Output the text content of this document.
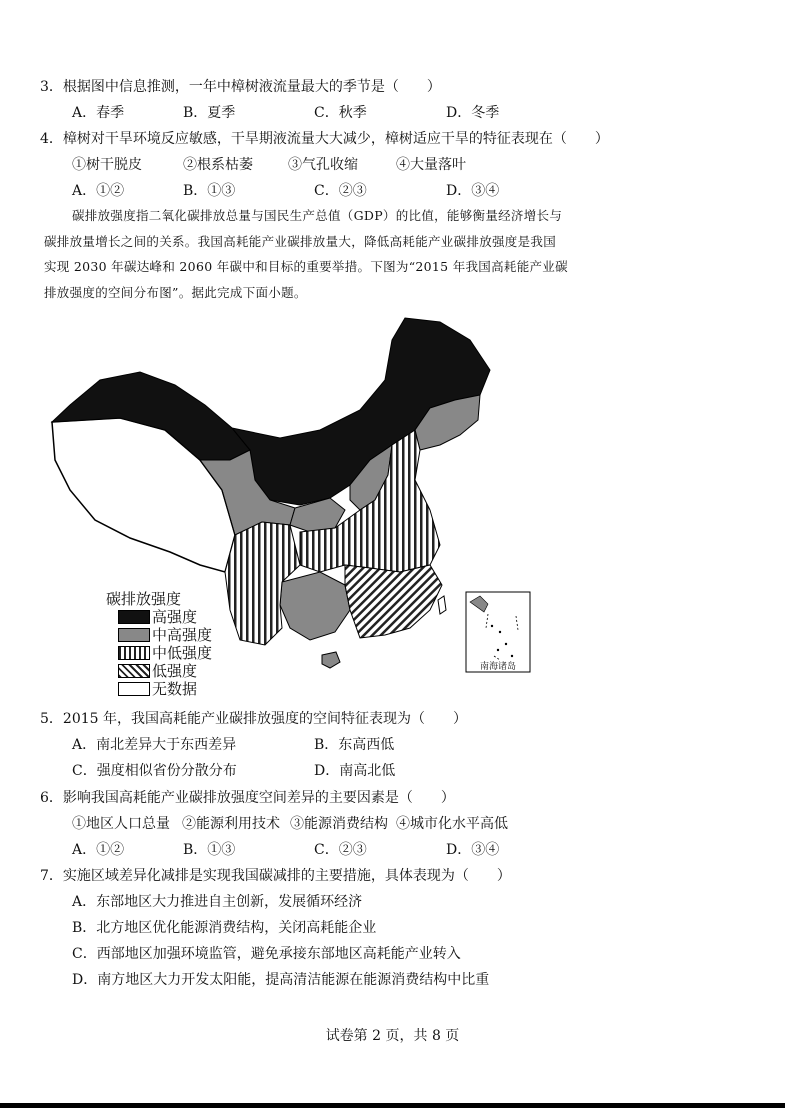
3．根据图中信息推测，一年中樟树液流量最大的季节是（　　）
A．春季	B．夏季	C．秋季	D．冬季
4．樟树对干旱环境反应敏感，干旱期液流量大大减少，樟树适应干旱的特征表现在（　　）
①树干脱皮	②根系枯萎	③气孔收缩	④大量落叶
A．①②	B．①③	C．②③	D．③④
碳排放强度指二氧化碳排放总量与国民生产总值（GDP）的比值，能够衡量经济增长与
碳排放量增长之间的关系。我国高耗能产业碳排放量大，降低高耗能产业碳排放强度是我国
实现 2030 年碳达峰和 2060 年碳中和目标的重要举措。下图为“2015 年我国高耗能产业碳
排放强度的空间分布图”。据此完成下面小题。
南海诸岛
碳排放强度
高强度
中高强度
中低强度
低强度
无数据
5．2015 年，我国高耗能产业碳排放强度的空间特征表现为（　　）
A．南北差异大于东西差异	B．东高西低
C．强度相似省份分散分布	D．南高北低
6．影响我国高耗能产业碳排放强度空间差异的主要因素是（　　）
①地区人口总量 ②能源利用技术 ③能源消费结构 ④城市化水平高低
A．①②	B．①③	C．②③	D．③④
7．实施区域差异化减排是实现我国碳减排的主要措施，具体表现为（　　）
A．东部地区大力推进自主创新，发展循环经济
B．北方地区优化能源消费结构，关闭高耗能企业
C．西部地区加强环境监管，避免承接东部地区高耗能产业转入
D．南方地区大力开发太阳能，提高清洁能源在能源消费结构中比重
试卷第 2 页，共 8 页
